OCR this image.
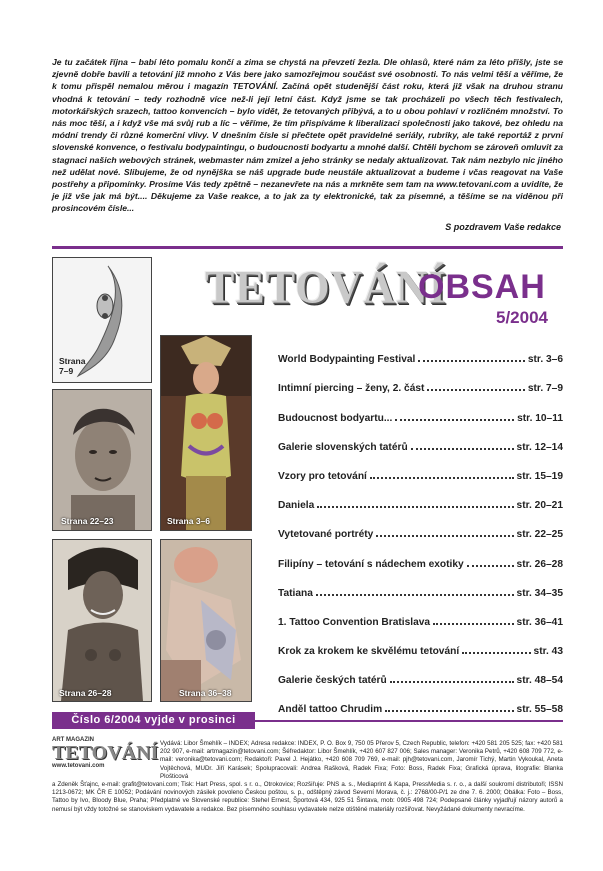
Je tu začátek října – babí léto pomalu končí a zima se chystá na převzetí žezla. Dle ohlasů, které nám za léto přišly, jste se zjevně dobře bavili a tetování již mnoho z Vás bere jako samozřejmou součást své osobnosti. To nás velmi těší a věříme, že k tomu přispěl nemalou měrou i magazín TETOVÁNÍ. Začíná opět studenější část roku, která již však na druhou stranu vhodná k tetování – tedy rozhodně více než-li její letní část. Když jsme se tak procházeli po všech těch festivalech, motorkářských srazech, tattoo konvencích – bylo vidět, že tetovaných přibývá, a to u obou pohlaví v rozličném množství. To nás moc těší, a i když vše má svůj rub a líc – věříme, že tím přispíváme k liberalizaci společnosti jako takové, bez ohledu na módní trendy či různé komerční vlivy. V dnešním čísle si přečtete opět pravidelné seriály, rubriky, ale také reportáž z první slovenské konvence, o festivalu bodypaintingu, o budoucnosti bodyartu a mnohé další. Chtěli bychom se zároveň omluvit za stagnaci našich webových stránek, webmaster nám zmizel a jeho stránky se nedaly aktualizovat. Tak nám nezbylo nic jiného než udělat nové. Slibujeme, že od nynějška se náš upgrade bude neustále aktualizovat a budeme i včas reagovat na Vaše postřehy a připomínky. Prosíme Vás tedy zpětně – nezanevřete na nás a mrkněte sem tam na www.tetovani.com a uvidíte, že je již vše jak má být.... Děkujeme za Vaše reakce, a to jak za ty elektronické, tak za písemné, a těšíme se na viděnou při prosincovém čísle...
S pozdravem Vaše redakce
Strana
7–9
Strana 22–23	Strana 3–6
Strana 26–28	Strana 36–38
TETOVÁNÍ
OBSAH
5/2004
World Bodypainting Festival	str. 3–6
Intimní piercing – ženy, 2. část	str. 7–9
Budoucnost bodyartu...	str. 10–11
Galerie slovenských tatérů	str. 12–14
Vzory pro tetování	str. 15–19
Daniela	str. 20–21
Vytetované portréty	str. 22–25
Filipíny – tetování s nádechem exotiky	str. 26–28
Tatiana	str. 34–35
1. Tattoo Convention Bratislava	str. 36–41
Krok za krokem ke skvělému tetování	str. 43
Galerie českých tatérů	str. 48–54
Anděl tattoo Chrudim	str. 55–58
Číslo 6/2004 vyjde v prosinci
ART MAGAZIN
TETOVÁNÍ
www.tetovani.com
Vydává: Libor Šmehlík – INDEX; Adresa redakce: INDEX, P. O. Box 9, 750 05 Přerov 5, Czech Republic, telefon: +420 581 205 525; fax: +420 581 202 907, e-mail: artmagazin@tetovani.com; Šéfredaktor: Libor Šmehlík, +420 607 827 006; Sales manager: Veronika Petrů, +420 608 709 772, e-mail: veronika@tetovani.com; Redaktoři: Pavel J. Hejátko, +420 608 709 769, e-mail: pjh@tetovani.com, Jaromír Tichý, Martin Vykoukal, Aneta Vojtěchová, MUDr. Jiří Karásek; Spolupracovali: Andrea Rašková, Radek Fixa; Foto: Boss, Radek Fixa; Grafická úprava, litografie: Blanka Plošticová
a Zdeněk Šťajnc, e-mail: grafit@tetovani.com; Tisk: Hart Press, spol. s r. o., Otrokovice; Rozšiřuje: PNS a. s., Mediaprint & Kapa, PressMedia s. r. o., a další soukromí distributoři; ISSN 1213-0672; MK ČR E 10052; Podávání novinových zásilek povoleno Českou poštou, s. p., odštěpný závod Severní Morava, č. j.: 2768/00-P/1 ze dne 7. 6. 2000; Obálka: Foto – Boss, Tattoo by Ivo, Bloody Blue, Praha; Předplatné ve Slovenské republice: Stehel Ernest, Športová 434, 925 51 Šintava, mob: 0905 498 724; Podepsané články vyjadřují názory autorů a nemusí být vždy totožné se stanoviskem vydavatele a redakce. Bez písemného souhlasu vydavatele nelze otištěné materiály rozšiřovat. Nevyžádané dokumenty nevracíme.
